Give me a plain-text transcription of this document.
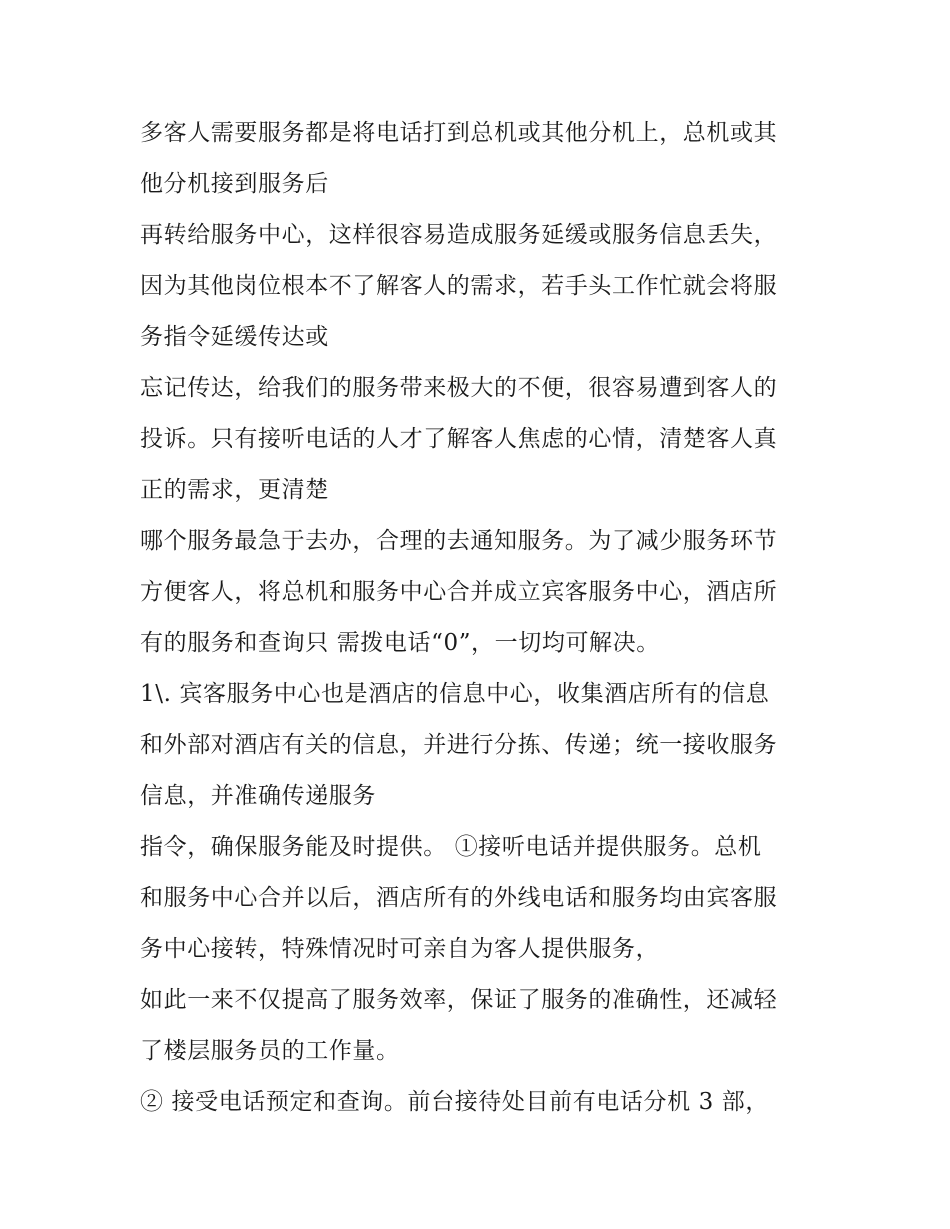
多客人需要服务都是将电话打到总机或其他分机上，总机或其
他分机接到服务后
再转给服务中心，这样很容易造成服务延缓或服务信息丢失，
因为其他岗位根本不了解客人的需求，若手头工作忙就会将服
务指令延缓传达或
忘记传达，给我们的服务带来极大的不便，很容易遭到客人的
投诉。只有接听电话的人才了解客人焦虑的心情，清楚客人真
正的需求，更清楚
哪个服务最急于去办，合理的去通知服务。为了减少服务环节
方便客人，将总机和服务中心合并成立宾客服务中心，酒店所
有的服务和查询只 需拨电话“0”，一切均可解决。
1\. 宾客服务中心也是酒店的信息中心，收集酒店所有的信息
和外部对酒店有关的信息，并进行分拣、传递；统一接收服务
信息，并准确传递服务
指令，确保服务能及时提供。 ①接听电话并提供服务。总机
和服务中心合并以后，酒店所有的外线电话和服务均由宾客服
务中心接转，特殊情况时可亲自为客人提供服务，
如此一来不仅提高了服务效率，保证了服务的准确性，还减轻
了楼层服务员的工作量。
② 接受电话预定和查询。前台接待处目前有电话分机 3 部，
